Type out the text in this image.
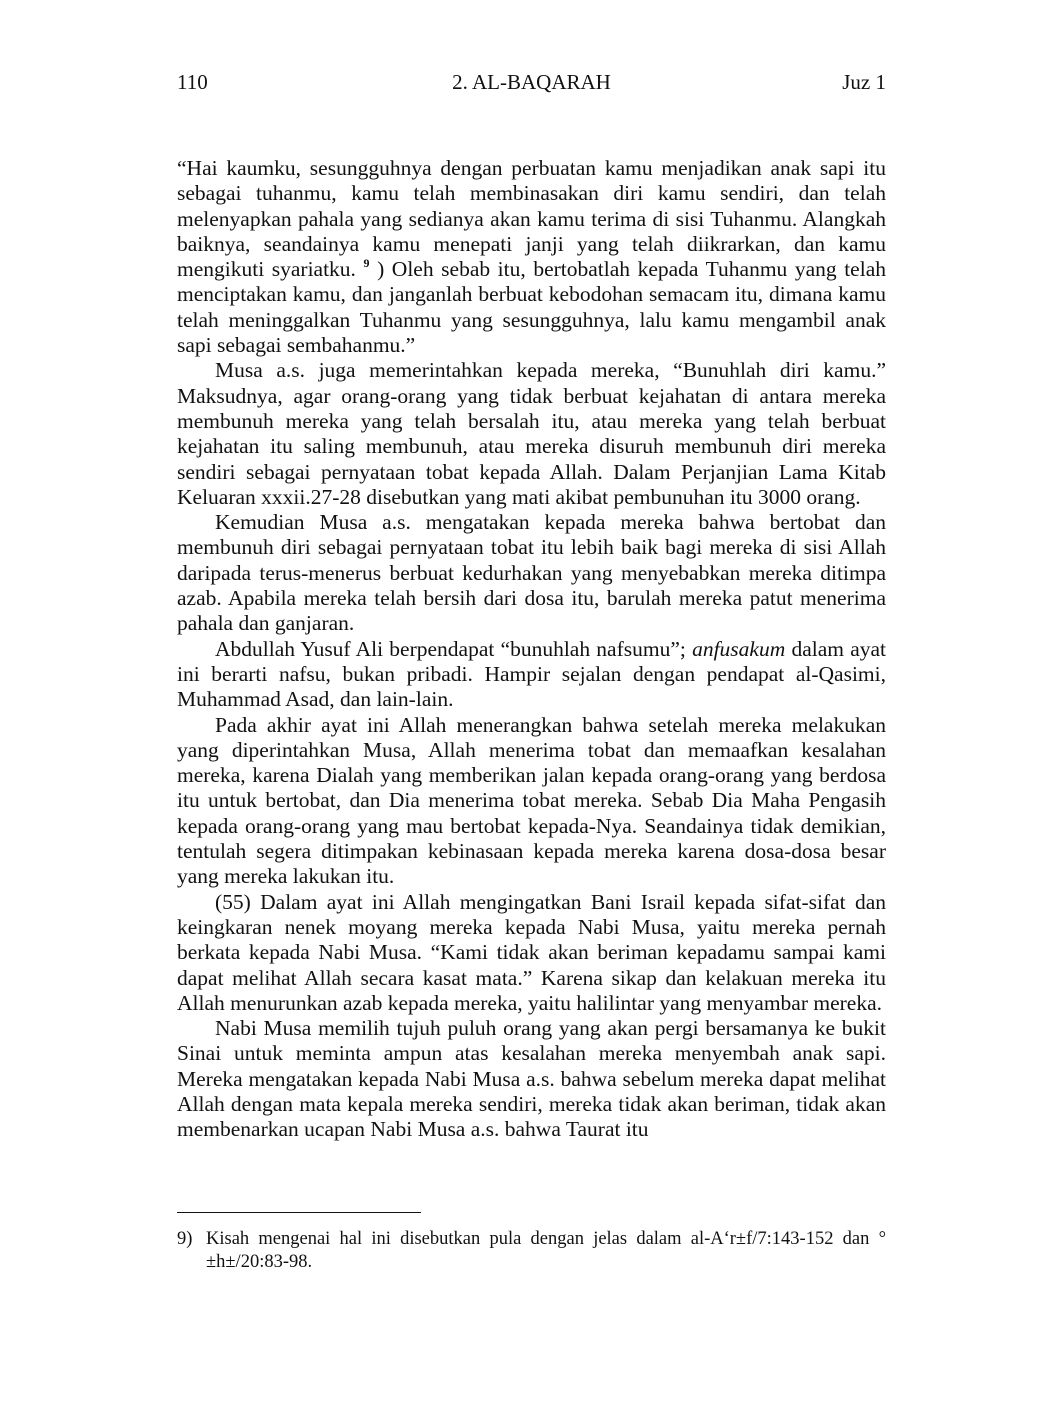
110	2. AL-BAQARAH	Juz 1

“Hai kaumku, sesungguhnya dengan perbuatan kamu menjadikan anak sapi itu sebagai tuhanmu, kamu telah membinasakan diri kamu sendiri, dan telah melenyapkan pahala yang sedianya akan kamu terima di sisi Tuhanmu. Alangkah baiknya, seandainya kamu menepati janji yang telah diikrarkan, dan kamu mengikuti syariatku. $^9$ ) Oleh sebab itu, bertobatlah kepada Tuhanmu yang telah menciptakan kamu, dan janganlah berbuat kebodohan semacam itu, dimana kamu telah meninggalkan Tuhanmu yang sesungguhnya, lalu kamu mengambil anak sapi sebagai sembahanmu.”

Musa a.s. juga memerintahkan kepada mereka, “Bunuhlah diri kamu.” Maksudnya, agar orang-orang yang tidak berbuat kejahatan di antara mereka membunuh mereka yang telah bersalah itu, atau mereka yang telah berbuat kejahatan itu saling membunuh, atau mereka disuruh membunuh diri mereka sendiri sebagai pernyataan tobat kepada Allah. Dalam Perjanjian Lama Kitab Keluaran xxxii.27-28 disebutkan yang mati akibat pembunuhan itu 3000 orang.

Kemudian Musa a.s. mengatakan kepada mereka bahwa bertobat dan membunuh diri sebagai pernyataan tobat itu lebih baik bagi mereka di sisi Allah daripada terus-menerus berbuat kedurhakan yang menyebabkan mereka ditimpa azab. Apabila mereka telah bersih dari dosa itu, barulah mereka patut menerima pahala dan ganjaran.

Abdullah Yusuf Ali berpendapat “bunuhlah nafsumu”; anfusakum dalam ayat ini berarti nafsu, bukan pribadi. Hampir sejalan dengan pendapat al-Qasimi, Muhammad Asad, dan lain-lain.

Pada akhir ayat ini Allah menerangkan bahwa setelah mereka melakukan yang diperintahkan Musa, Allah menerima tobat dan memaafkan kesalahan mereka, karena Dialah yang memberikan jalan kepada orang-orang yang berdosa itu untuk bertobat, dan Dia menerima tobat mereka. Sebab Dia Maha Pengasih kepada orang-orang yang mau bertobat kepada-Nya. Seandainya tidak demikian, tentulah segera ditimpakan kebinasaan kepada mereka karena dosa-dosa besar yang mereka lakukan itu.

(55) Dalam ayat ini Allah mengingatkan Bani Israil kepada sifat-sifat dan keingkaran nenek moyang mereka kepada Nabi Musa, yaitu mereka pernah berkata kepada Nabi Musa. “Kami tidak akan beriman kepadamu sampai kami dapat melihat Allah secara kasat mata.” Karena sikap dan kelakuan mereka itu Allah menurunkan azab kepada mereka, yaitu halilintar yang menyambar mereka.

Nabi Musa memilih tujuh puluh orang yang akan pergi bersamanya ke bukit Sinai untuk meminta ampun atas kesalahan mereka menyembah anak sapi. Mereka mengatakan kepada Nabi Musa a.s. bahwa sebelum mereka dapat melihat Allah dengan mata kepala mereka sendiri, mereka tidak akan beriman, tidak akan membenarkan ucapan Nabi Musa a.s. bahwa Taurat itu

9) Kisah mengenai hal ini disebutkan pula dengan jelas dalam al-A‘r±f/7:143-152 dan ° ±h±/20:83-98.
